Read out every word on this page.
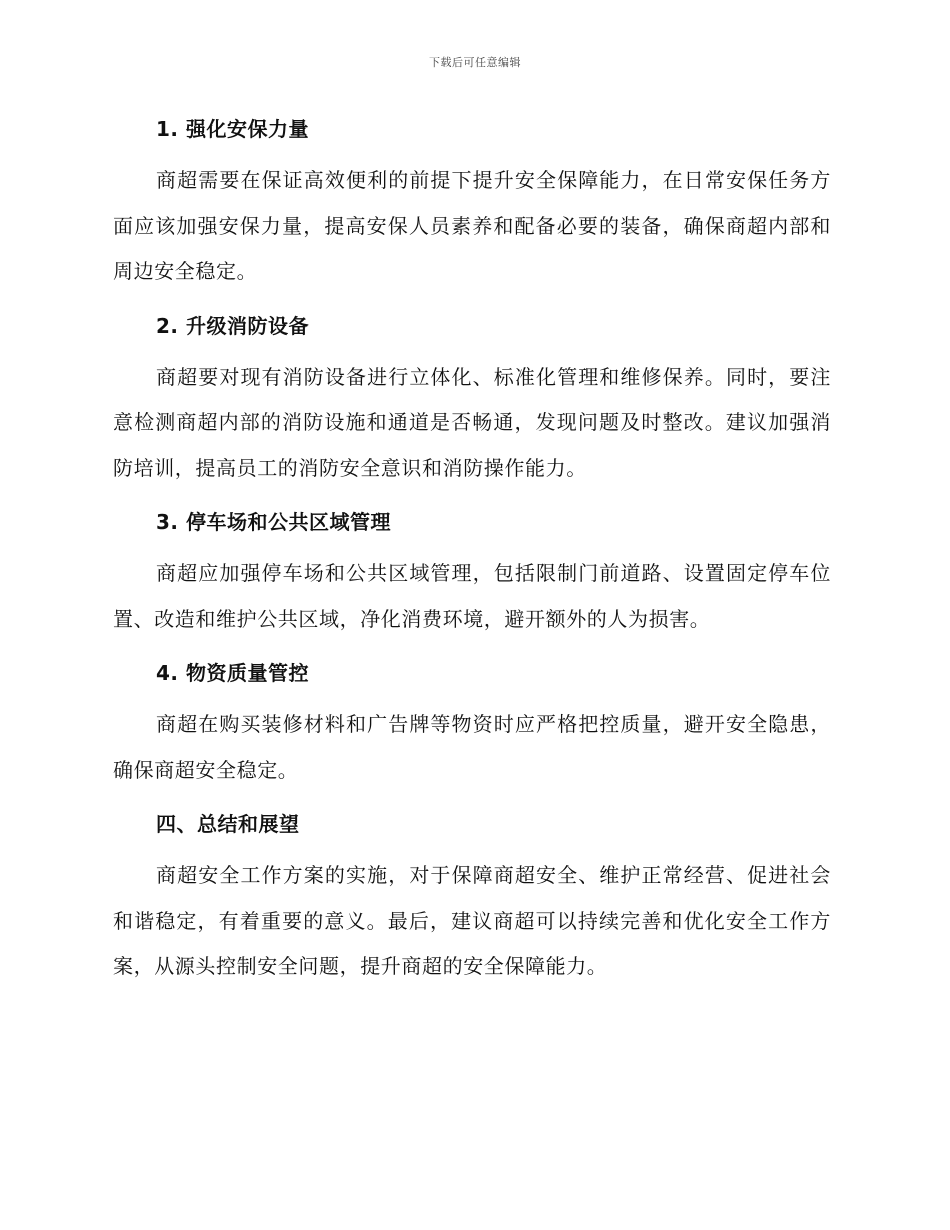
下载后可任意编辑
1. 强化安保力量

商超需要在保证高效便利的前提下提升安全保障能力，在日常安保任务方面应该加强安保力量，提高安保人员素养和配备必要的装备，确保商超内部和周边安全稳定。

2. 升级消防设备

商超要对现有消防设备进行立体化、标准化管理和维修保养。同时，要注意检测商超内部的消防设施和通道是否畅通，发现问题及时整改。建议加强消防培训，提高员工的消防安全意识和消防操作能力。

3. 停车场和公共区域管理

商超应加强停车场和公共区域管理，包括限制门前道路、设置固定停车位置、改造和维护公共区域，净化消费环境，避开额外的人为损害。

4. 物资质量管控

商超在购买装修材料和广告牌等物资时应严格把控质量，避开安全隐患，确保商超安全稳定。

四、总结和展望

商超安全工作方案的实施，对于保障商超安全、维护正常经营、促进社会和谐稳定，有着重要的意义。最后，建议商超可以持续完善和优化安全工作方案，从源头控制安全问题，提升商超的安全保障能力。
